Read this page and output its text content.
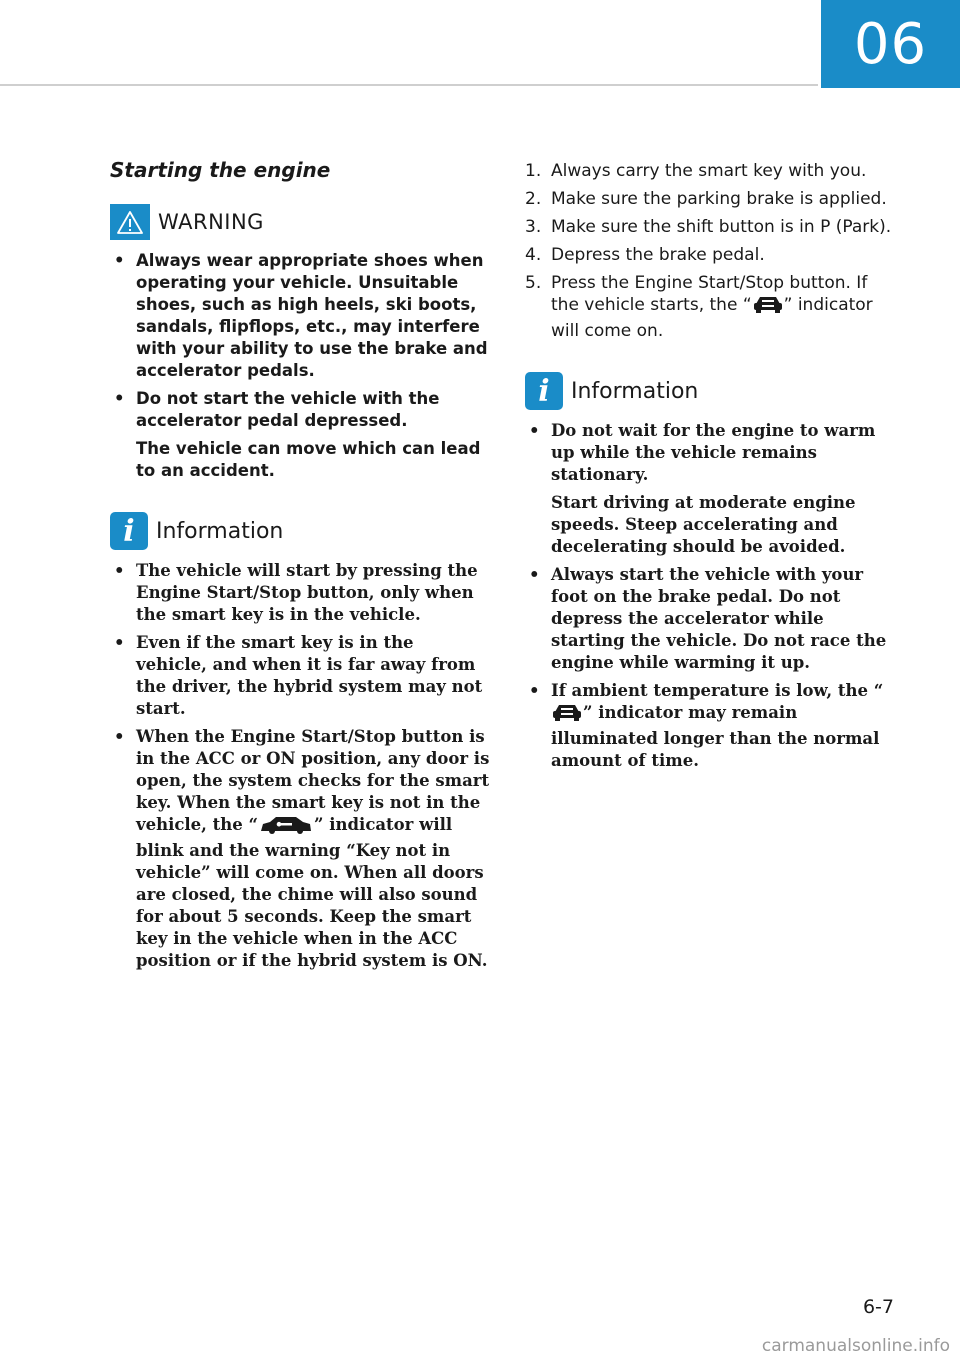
06
Starting the engine
WARNING
• Always wear appropriate shoes when operating your vehicle. Unsuitable shoes, such as high heels, ski boots, sandals, flipflops, etc., may interfere with your ability to use the brake and accelerator pedals.
• Do not start the vehicle with the accelerator pedal depressed.
The vehicle can move which can lead to an accident.
i Information
• The vehicle will start by pressing the Engine Start/Stop button, only when the smart key is in the vehicle.
• Even if the smart key is in the vehicle, and when it is far away from the driver, the hybrid system may not start.
• When the Engine Start/Stop button is in the ACC or ON position, any door is open, the system checks for the smart key. When the smart key is not in the vehicle, the “	” indicator will blink and the warning “Key not in vehicle” will come on. When all doors are closed, the chime will also sound for about 5 seconds. Keep the smart key in the vehicle when in the ACC position or if the hybrid system is ON.
1. Always carry the smart key with you.
2. Make sure the parking brake is applied.
3. Make sure the shift button is in P (Park).
4. Depress the brake pedal.
5. Press the Engine Start/Stop button. If the vehicle starts, the “ ” indicator will come on.
i Information
• Do not wait for the engine to warm up while the vehicle remains stationary.
Start driving at moderate engine speeds. Steep accelerating and decelerating should be avoided.
• Always start the vehicle with your foot on the brake pedal. Do not depress the accelerator while starting the vehicle. Do not race the engine while warming it up.
• If ambient temperature is low, the “” indicator may remain illuminated longer than the normal amount of time.
6-7
carmanualsonline.info
